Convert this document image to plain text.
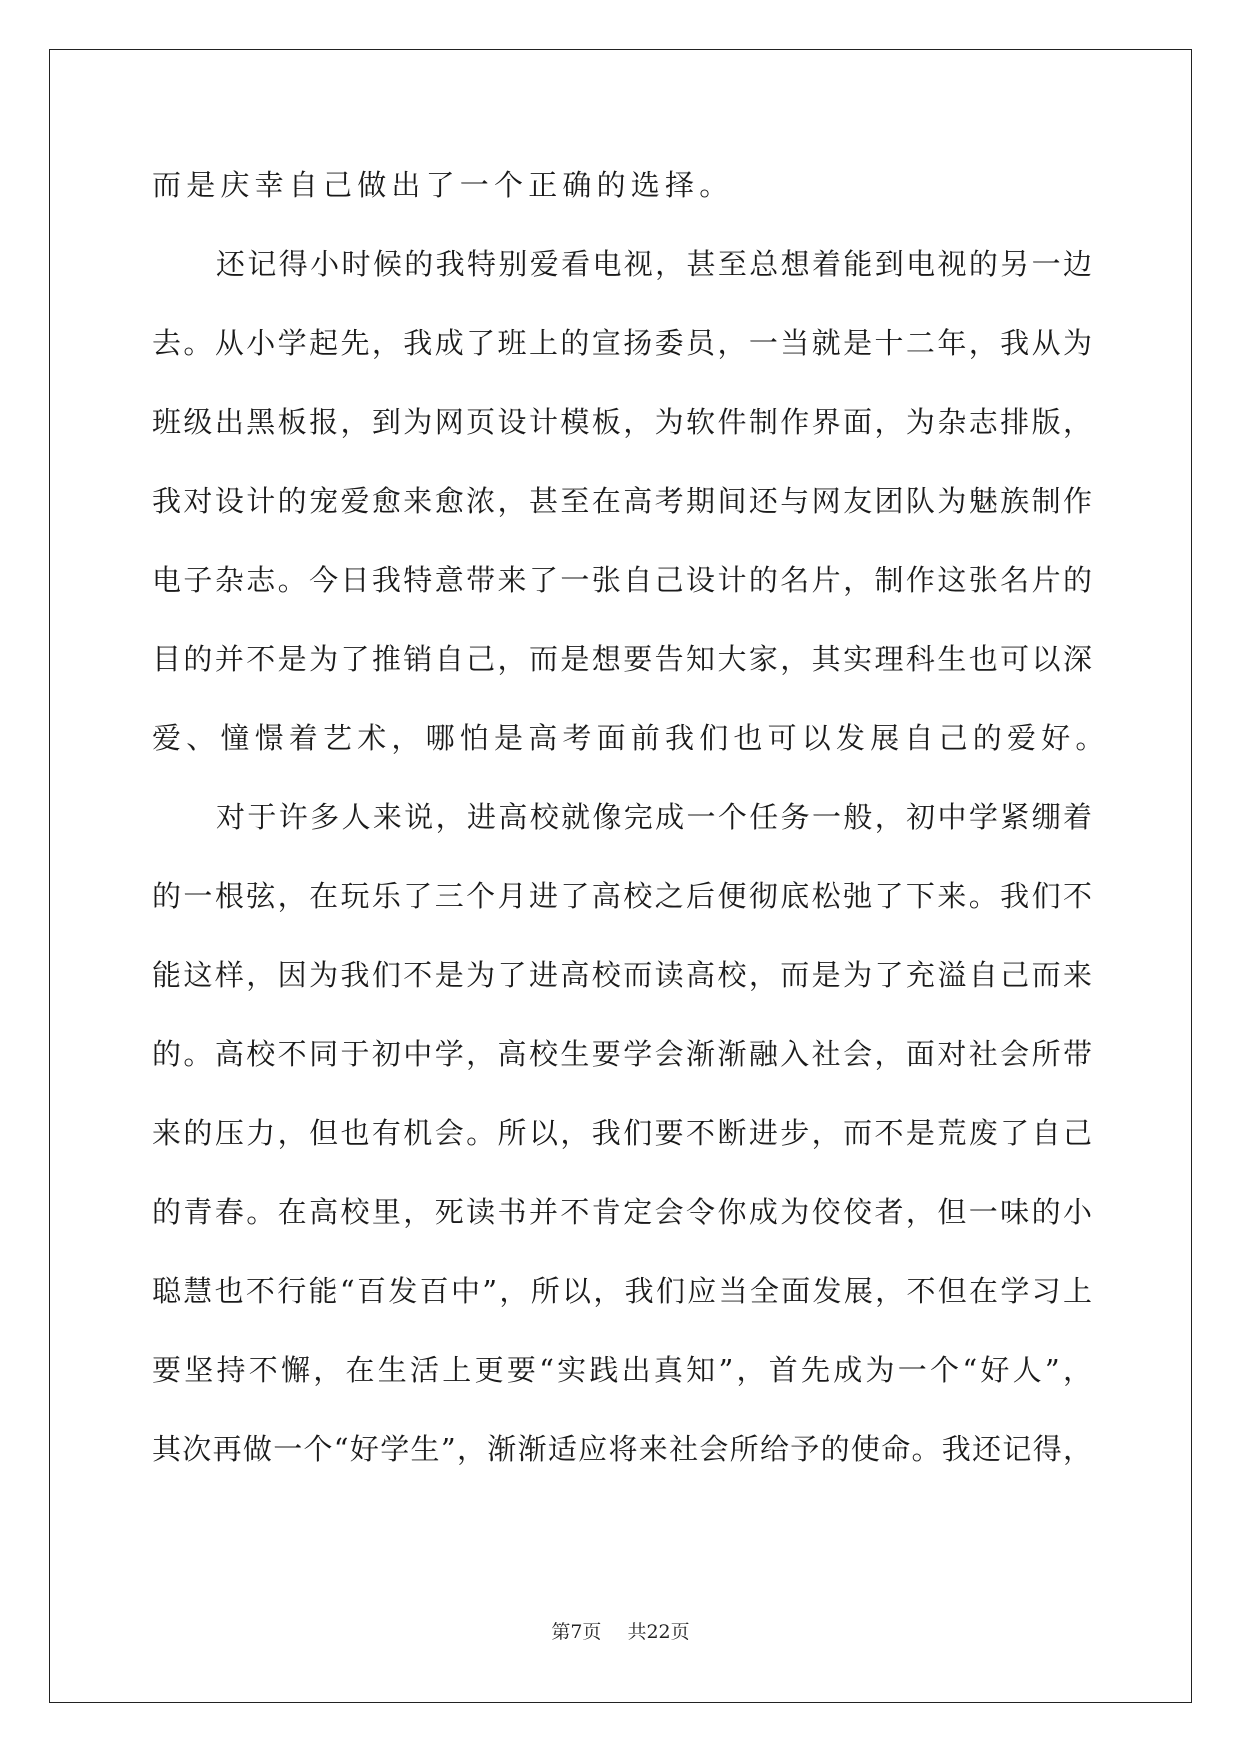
而是庆幸自己做出了一个正确的选择。
还记得小时候的我特别爱看电视，甚至总想着能到电视的另一边
去。从小学起先，我成了班上的宣扬委员，一当就是十二年，我从为
班级出黑板报，到为网页设计模板，为软件制作界面，为杂志排版，
我对设计的宠爱愈来愈浓，甚至在高考期间还与网友团队为魅族制作
电子杂志。今日我特意带来了一张自己设计的名片，制作这张名片的
目的并不是为了推销自己，而是想要告知大家，其实理科生也可以深
爱、憧憬着艺术，哪怕是高考面前我们也可以发展自己的爱好。
对于许多人来说，进高校就像完成一个任务一般，初中学紧绷着
的一根弦，在玩乐了三个月进了高校之后便彻底松弛了下来。我们不
能这样，因为我们不是为了进高校而读高校，而是为了充溢自己而来
的。高校不同于初中学，高校生要学会渐渐融入社会，面对社会所带
来的压力，但也有机会。所以，我们要不断进步，而不是荒废了自己
的青春。在高校里，死读书并不肯定会令你成为佼佼者，但一味的小
聪慧也不行能“百发百中”，所以，我们应当全面发展，不但在学习上
要坚持不懈，在生活上更要“实践出真知”，首先成为一个“好人”，
其次再做一个“好学生”，渐渐适应将来社会所给予的使命。我还记得，
第7页 共22页
